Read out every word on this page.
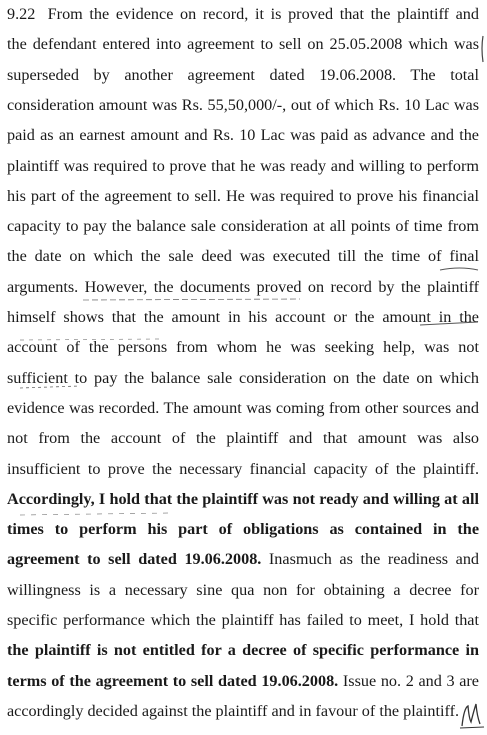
9.22 From the evidence on record, it is proved that the plaintiff and
the defendant entered into agreement to sell on 25.05.2008 which was
superseded by another agreement dated 19.06.2008. The total
consideration amount was Rs. 55,50,000/-, out of which Rs. 10 Lac was
paid as an earnest amount and Rs. 10 Lac was paid as advance and the
plaintiff was required to prove that he was ready and willing to perform
his part of the agreement to sell. He was required to prove his financial
capacity to pay the balance sale consideration at all points of time from
the date on which the sale deed was executed till the time of final
arguments. However, the documents proved on record by the plaintiff
himself shows that the amount in his account or the amount in the
account of the persons from whom he was seeking help, was not
sufficient to pay the balance sale consideration on the date on which
evidence was recorded. The amount was coming from other sources and
not from the account of the plaintiff and that amount was also
insufficient to prove the necessary financial capacity of the plaintiff.
Accordingly, I hold that the plaintiff was not ready and willing at all
times to perform his part of obligations as contained in the
agreement to sell dated 19.06.2008. Inasmuch as the readiness and
willingness is a necessary sine qua non for obtaining a decree for
specific performance which the plaintiff has failed to meet, I hold that
the plaintiff is not entitled for a decree of specific performance in
terms of the agreement to sell dated 19.06.2008. Issue no. 2 and 3 are
accordingly decided against the plaintiff and in favour of the plaintiff.
